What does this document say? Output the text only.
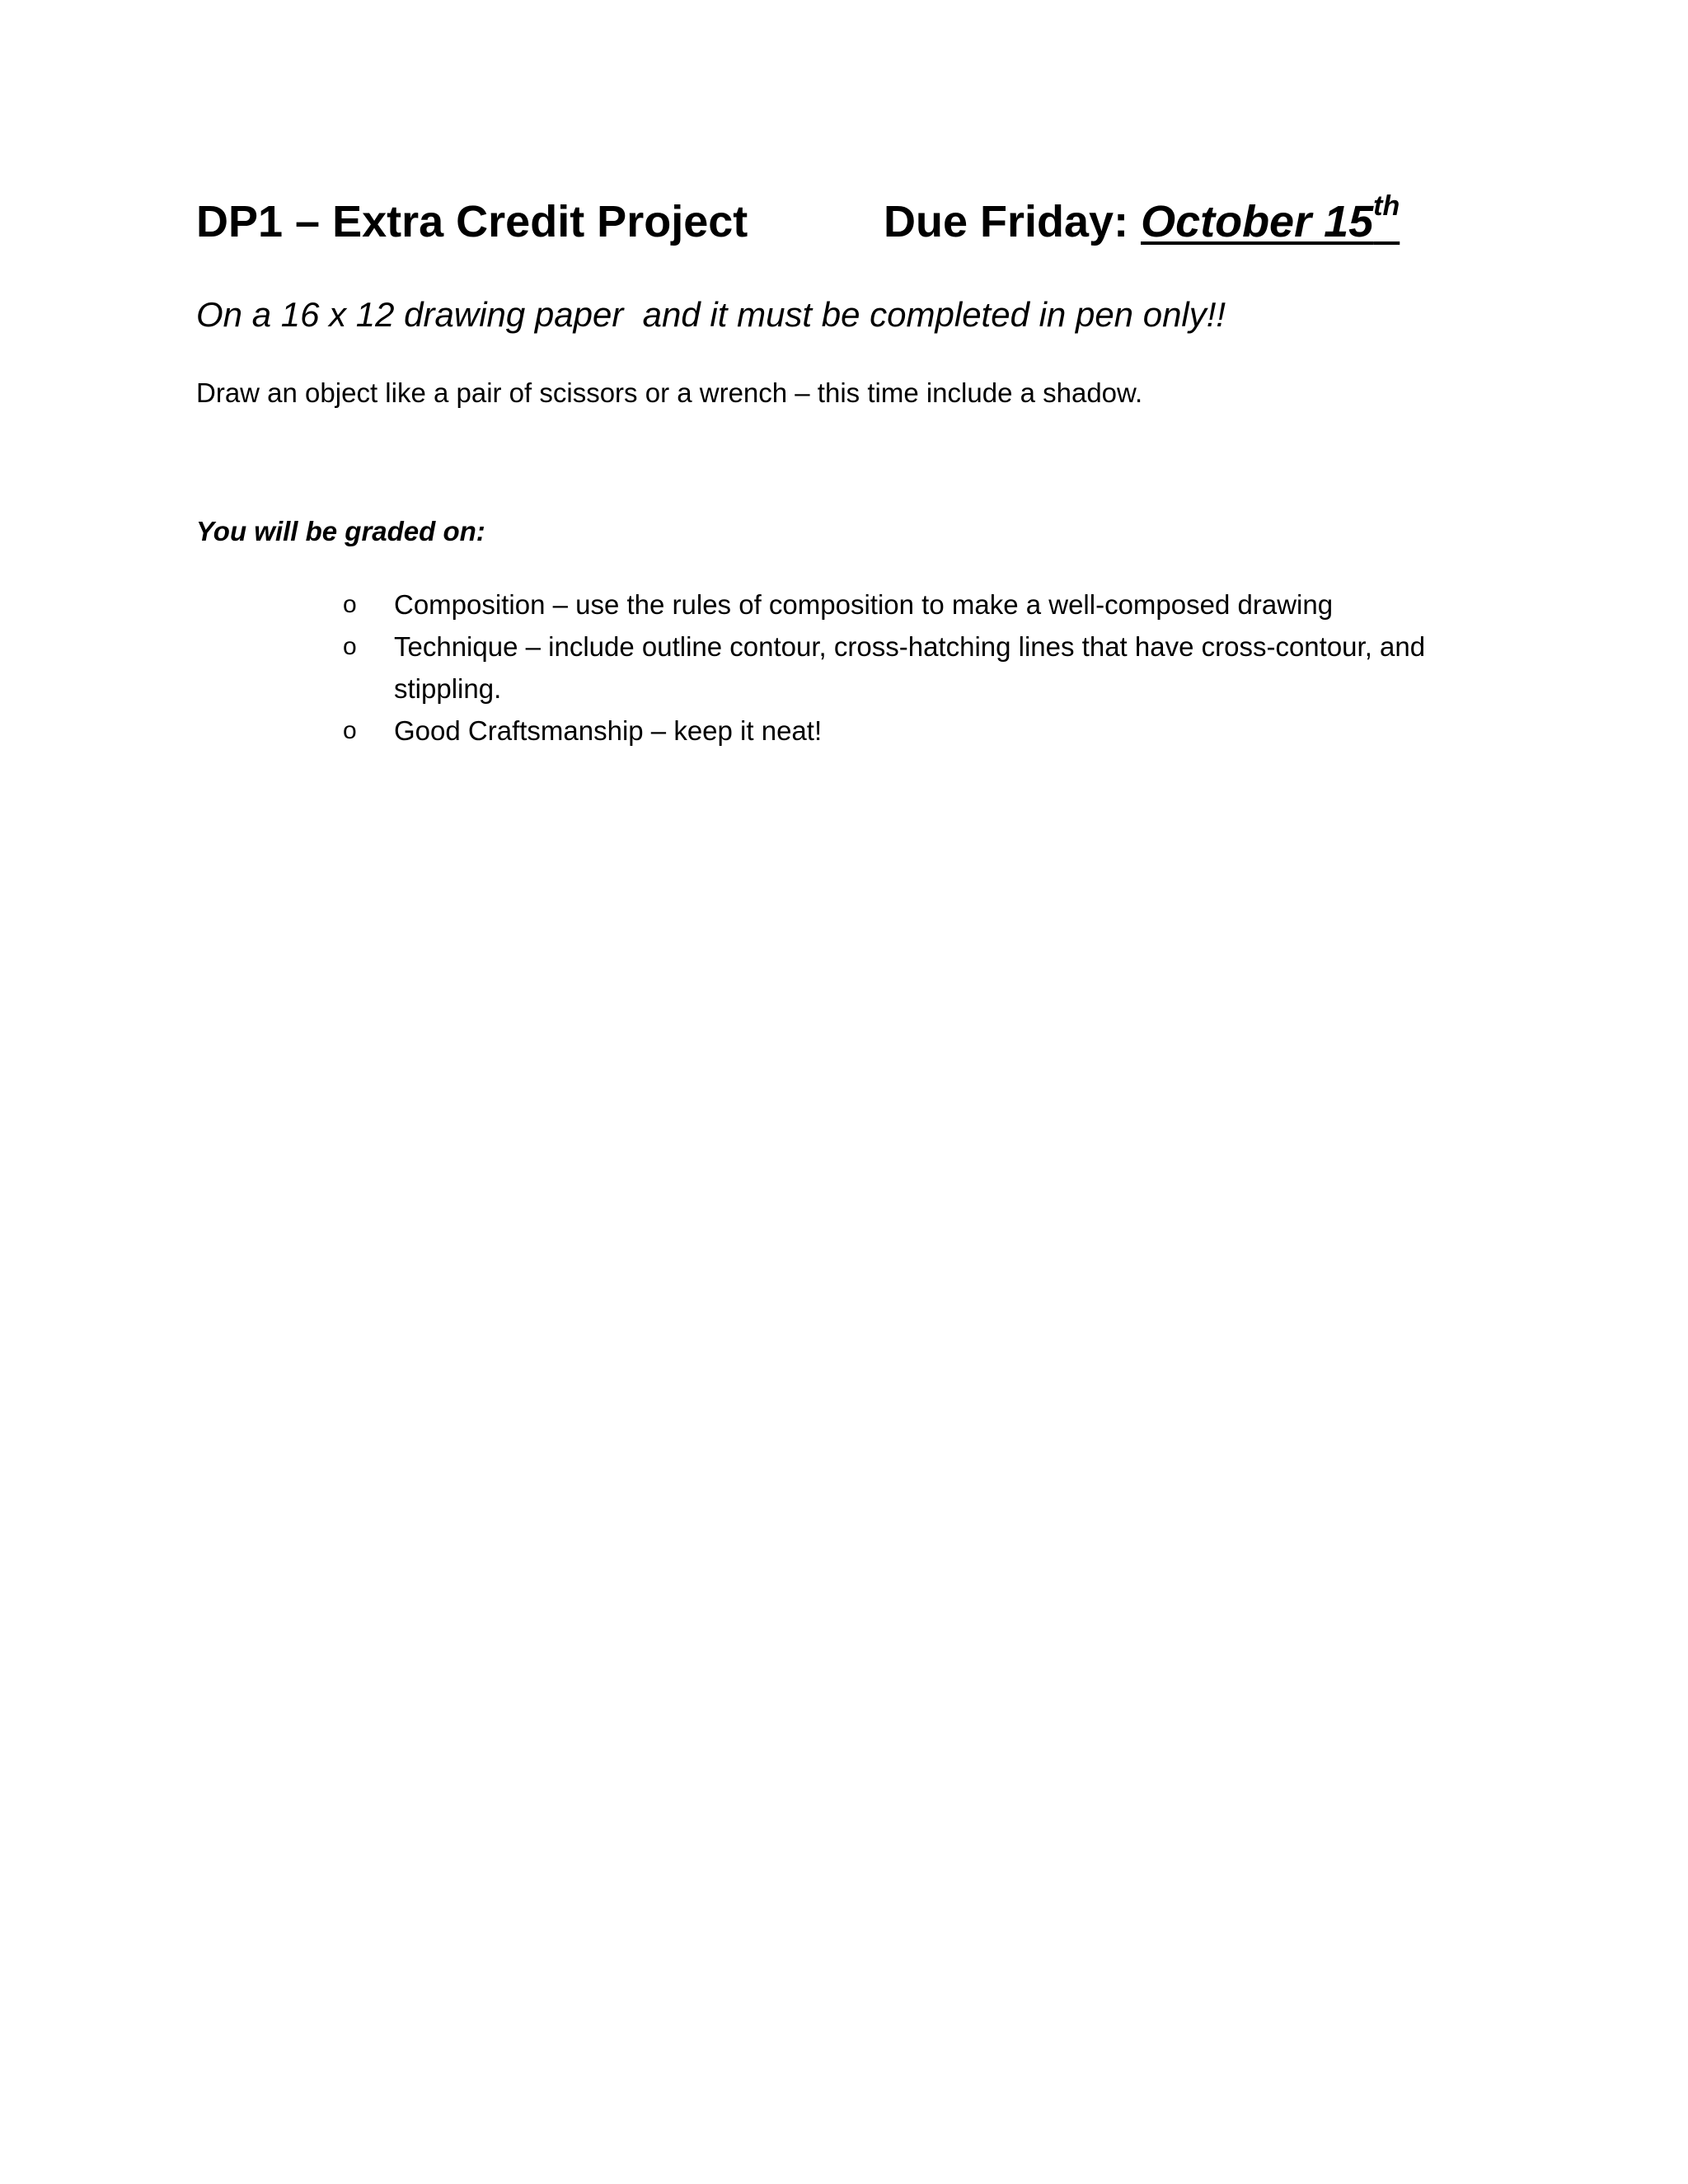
DP1 – Extra Credit Project	Due Friday: October 15th
On a 16 x 12 drawing paper  and it must be completed in pen only!!
Draw an object like a pair of scissors or a wrench – this time include a shadow.
You will be graded on:
o Composition – use the rules of composition to make a well-composed drawing
o Technique – include outline contour, cross-hatching lines that have cross-contour, and stippling.
o Good Craftsmanship – keep it neat!
